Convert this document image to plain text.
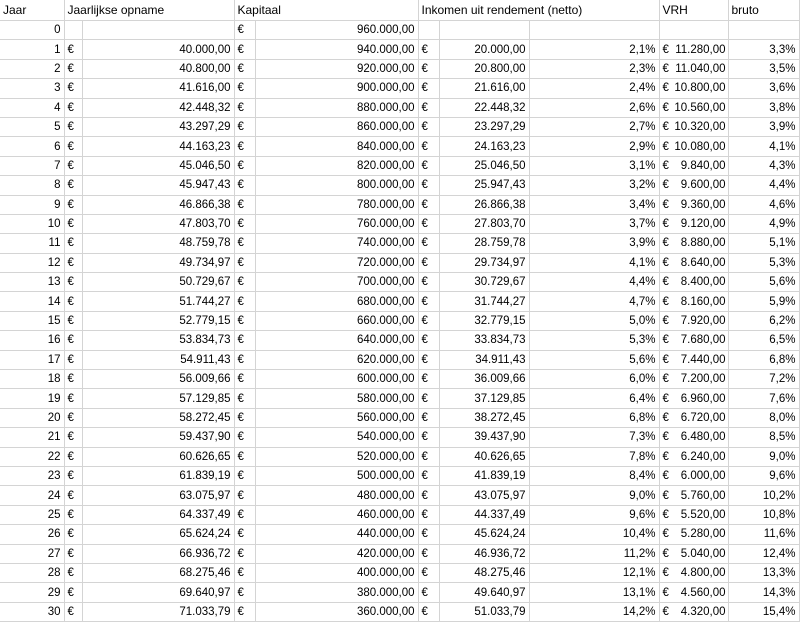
Jaar	Jaarlijkse opname		Kapitaal		Inkomen uit rendement (netto)			VRH	bruto
0			€	960.000,00					
1	€	40.000,00	€	940.000,00	€	20.000,00	2,1%	€ 11.280,00	3,3%
2	€	40.800,00	€	920.000,00	€	20.800,00	2,3%	€ 11.040,00	3,5%
3	€	41.616,00	€	900.000,00	€	21.616,00	2,4%	€ 10.800,00	3,6%
4	€	42.448,32	€	880.000,00	€	22.448,32	2,6%	€ 10.560,00	3,8%
5	€	43.297,29	€	860.000,00	€	23.297,29	2,7%	€ 10.320,00	3,9%
6	€	44.163,23	€	840.000,00	€	24.163,23	2,9%	€ 10.080,00	4,1%
7	€	45.046,50	€	820.000,00	€	25.046,50	3,1%	€ 9.840,00	4,3%
8	€	45.947,43	€	800.000,00	€	25.947,43	3,2%	€ 9.600,00	4,4%
9	€	46.866,38	€	780.000,00	€	26.866,38	3,4%	€ 9.360,00	4,6%
10	€	47.803,70	€	760.000,00	€	27.803,70	3,7%	€ 9.120,00	4,9%
11	€	48.759,78	€	740.000,00	€	28.759,78	3,9%	€ 8.880,00	5,1%
12	€	49.734,97	€	720.000,00	€	29.734,97	4,1%	€ 8.640,00	5,3%
13	€	50.729,67	€	700.000,00	€	30.729,67	4,4%	€ 8.400,00	5,6%
14	€	51.744,27	€	680.000,00	€	31.744,27	4,7%	€ 8.160,00	5,9%
15	€	52.779,15	€	660.000,00	€	32.779,15	5,0%	€ 7.920,00	6,2%
16	€	53.834,73	€	640.000,00	€	33.834,73	5,3%	€ 7.680,00	6,5%
17	€	54.911,43	€	620.000,00	€	34.911,43	5,6%	€ 7.440,00	6,8%
18	€	56.009,66	€	600.000,00	€	36.009,66	6,0%	€ 7.200,00	7,2%
19	€	57.129,85	€	580.000,00	€	37.129,85	6,4%	€ 6.960,00	7,6%
20	€	58.272,45	€	560.000,00	€	38.272,45	6,8%	€ 6.720,00	8,0%
21	€	59.437,90	€	540.000,00	€	39.437,90	7,3%	€ 6.480,00	8,5%
22	€	60.626,65	€	520.000,00	€	40.626,65	7,8%	€ 6.240,00	9,0%
23	€	61.839,19	€	500.000,00	€	41.839,19	8,4%	€ 6.000,00	9,6%
24	€	63.075,97	€	480.000,00	€	43.075,97	9,0%	€ 5.760,00	10,2%
25	€	64.337,49	€	460.000,00	€	44.337,49	9,6%	€ 5.520,00	10,8%
26	€	65.624,24	€	440.000,00	€	45.624,24	10,4%	€ 5.280,00	11,6%
27	€	66.936,72	€	420.000,00	€	46.936,72	11,2%	€ 5.040,00	12,4%
28	€	68.275,46	€	400.000,00	€	48.275,46	12,1%	€ 4.800,00	13,3%
29	€	69.640,97	€	380.000,00	€	49.640,97	13,1%	€ 4.560,00	14,3%
30	€	71.033,79	€	360.000,00	€	51.033,79	14,2%	€ 4.320,00	15,4%
